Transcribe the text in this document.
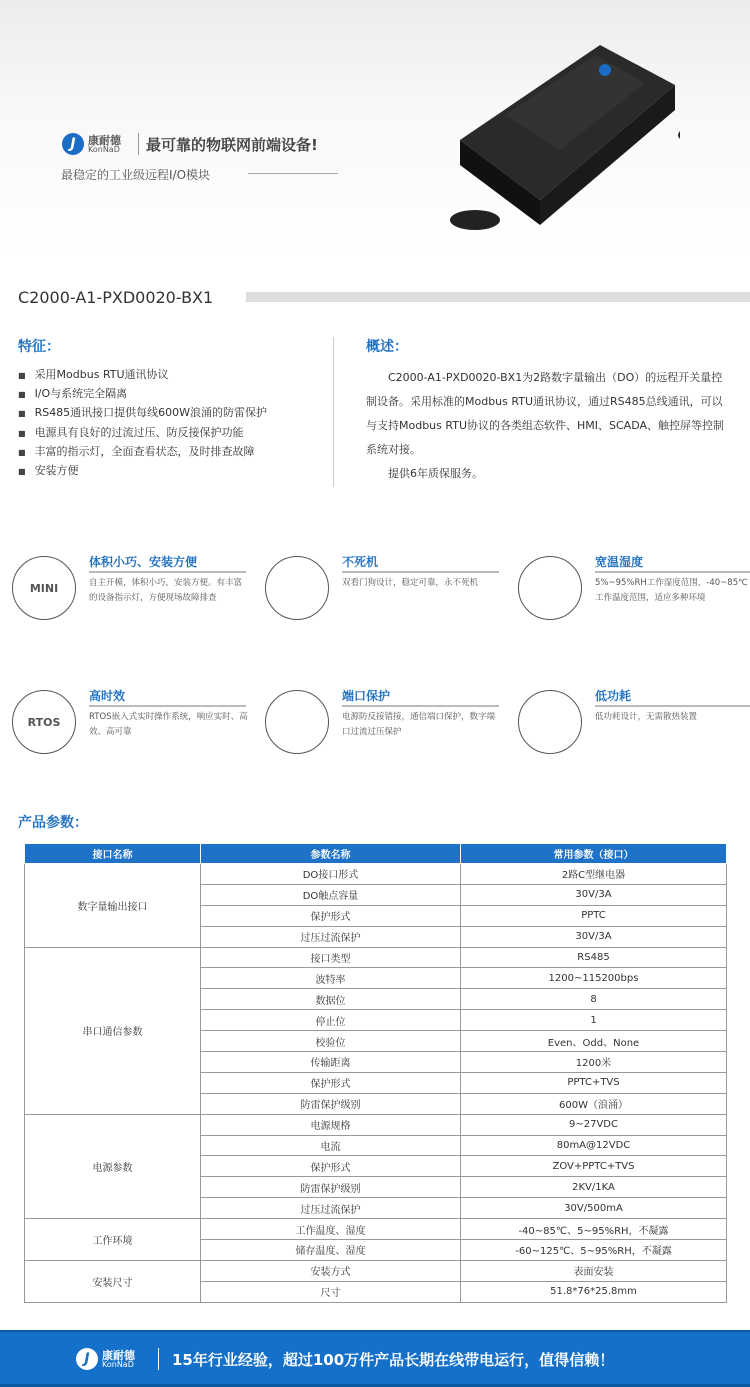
J	康耐德
KonNaD 最可靠的物联网前端设备!
最稳定的工业级远程I/O模块
C2000-A1-PXD0020-BX1
特征：
■ 采用Modbus RTU通讯协议
■ I/O与系统完全隔离
■ RS485通讯接口提供每线600W浪涌的防雷保护
■ 电源具有良好的过流过压、防反接保护功能
■ 丰富的指示灯，全面查看状态，及时排查故障
■ 安装方便
概述：

C2000-A1-PXD0020-BX1为2路数字量输出（DO）的远程开关量控制设备。采用标准的Modbus RTU通讯协议，通过RS485总线通讯，可以与支持Modbus RTU协议的各类组态软件、HMI、SCADA、触控屏等控制系统对接。

提供6年质保服务。

MINI
体积小巧、安装方便
自主开模，体积小巧，安装方便。有丰富的设备指示灯，方便现场故障排查
不死机
双看门狗设计，稳定可靠，永不死机
宽温湿度
5%~95%RH工作湿度范围，-40~85℃工作温度范围，适应多种环境
RTOS
高时效
RTOS嵌入式实时操作系统，响应实时、高效、高可靠
端口保护
电源防反接错接，通信端口保护，数字端口过流过压保护
低功耗
低功耗设计，无需散热装置
产品参数：
接口名称	参数名称	常用参数（接口）
数字量输出接口	DO接口形式	2路C型继电器
	DO触点容量	30V/3A
	保护形式	PPTC
	过压过流保护	30V/3A
串口通信参数	接口类型	RS485
	波特率	1200~115200bps
	数据位	8
	停止位	1
	校验位	Even、Odd、None
	传输距离	1200米
	保护形式	PPTC+TVS
	防雷保护级别	600W（浪涌）
电源参数	电源规格	9~27VDC
	电流	80mA@12VDC
	保护形式	ZOV+PPTC+TVS
	防雷保护级别	2KV/1KA
	过压过流保护	30V/500mA
工作环境	工作温度、湿度	-40~85℃、5~95%RH，不凝露
	储存温度、湿度	-60~125℃、5~95%RH，不凝露
安装尺寸	安装方式	表面安装
	尺寸	51.8*76*25.8mm
J	康耐德
KonNaD	15年行业经验，超过100万件产品长期在线带电运行，值得信赖！
